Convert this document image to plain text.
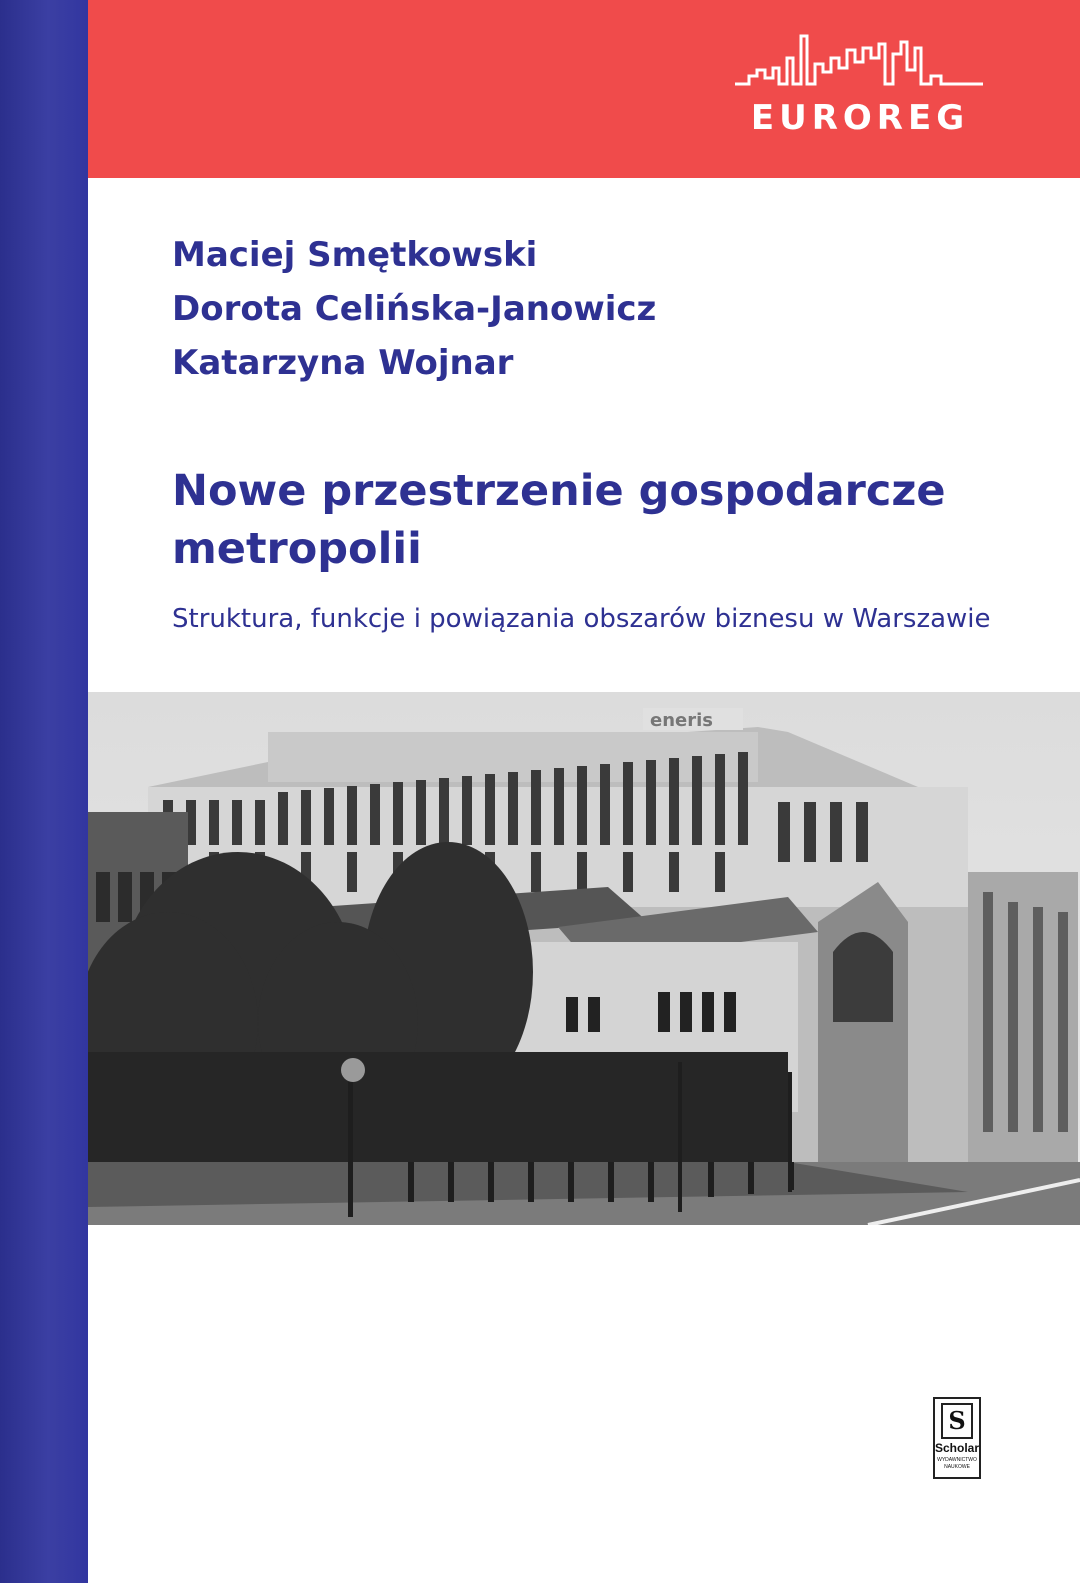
EUROREG
Maciej Smętkowski
Dorota Celińska-Janowicz
Katarzyna Wojnar
Nowe przestrzenie gospodarcze
metropolii
Struktura, funkcje i powiązania obszarów biznesu w Warszawie
eneris
S
Scholar
WYDAWNICTWO
NAUKOWE
